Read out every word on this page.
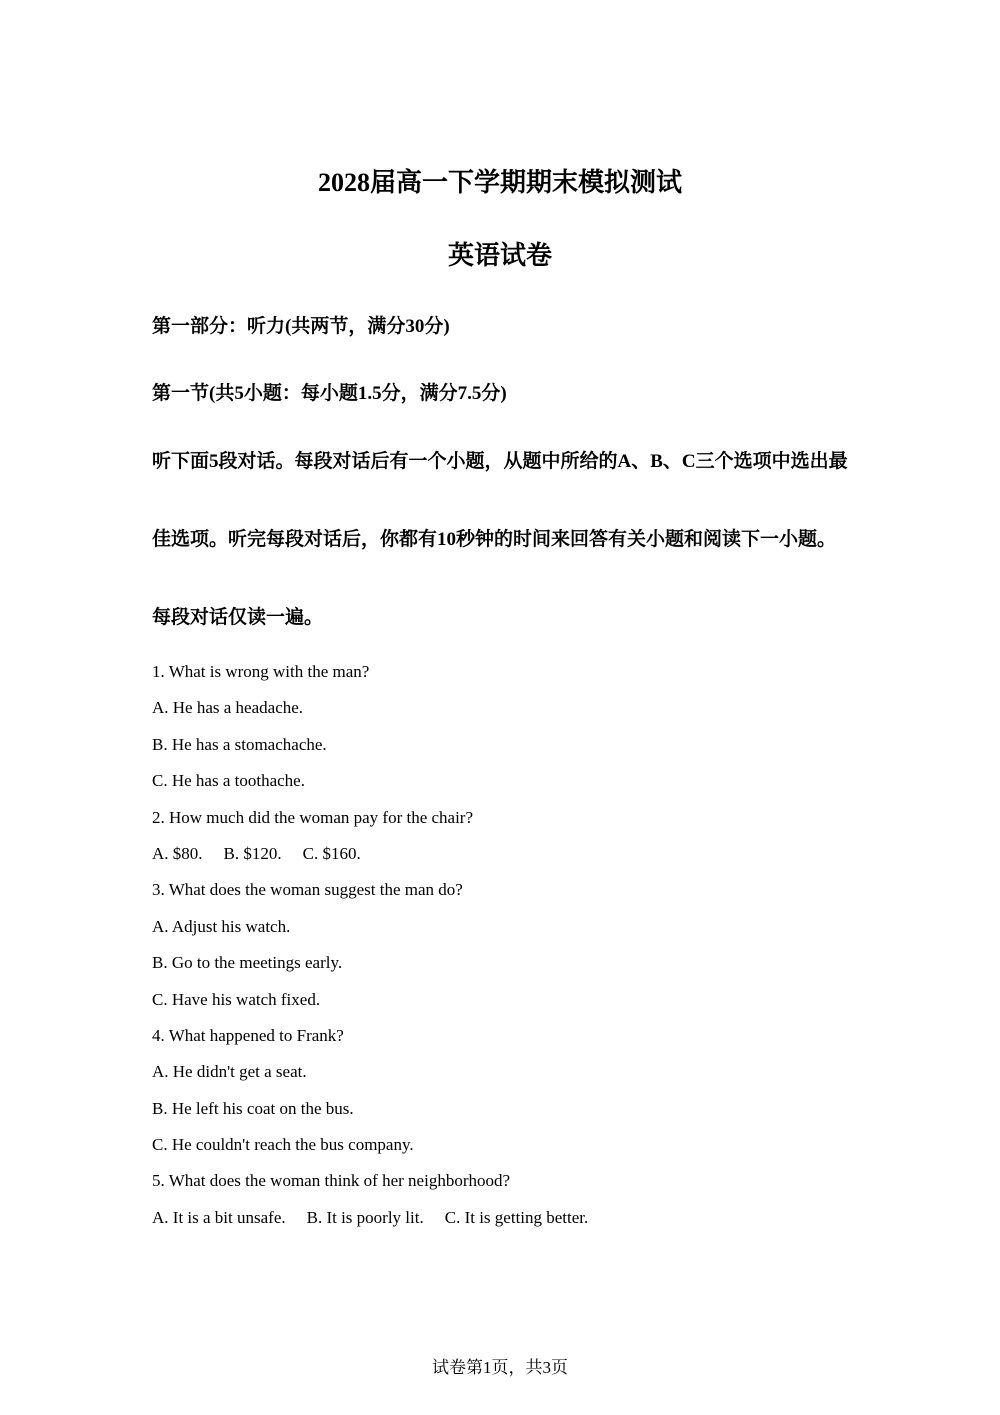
2028届高一下学期期末模拟测试
英语试卷
第一部分：听力(共两节，满分30分)
第一节(共5小题：每小题1.5分，满分7.5分)
听下面5段对话。每段对话后有一个小题，从题中所给的A、B、C三个选项中选出最佳选项。听完每段对话后，你都有10秒钟的时间来回答有关小题和阅读下一小题。每段对话仅读一遍。
1. What is wrong with the man?
A. He has a headache.
B. He has a stomachache.
C. He has a toothache.
2. How much did the woman pay for the chair?
A. $80. B. $120. C. $160.
3. What does the woman suggest the man do?
A. Adjust his watch.
B. Go to the meetings early.
C. Have his watch fixed.
4. What happened to Frank?
A. He didn't get a seat.
B. He left his coat on the bus.
C. He couldn't reach the bus company.
5. What does the woman think of her neighborhood?
A. It is a bit unsafe. B. It is poorly lit. C. It is getting better.
试卷第1页，共3页
